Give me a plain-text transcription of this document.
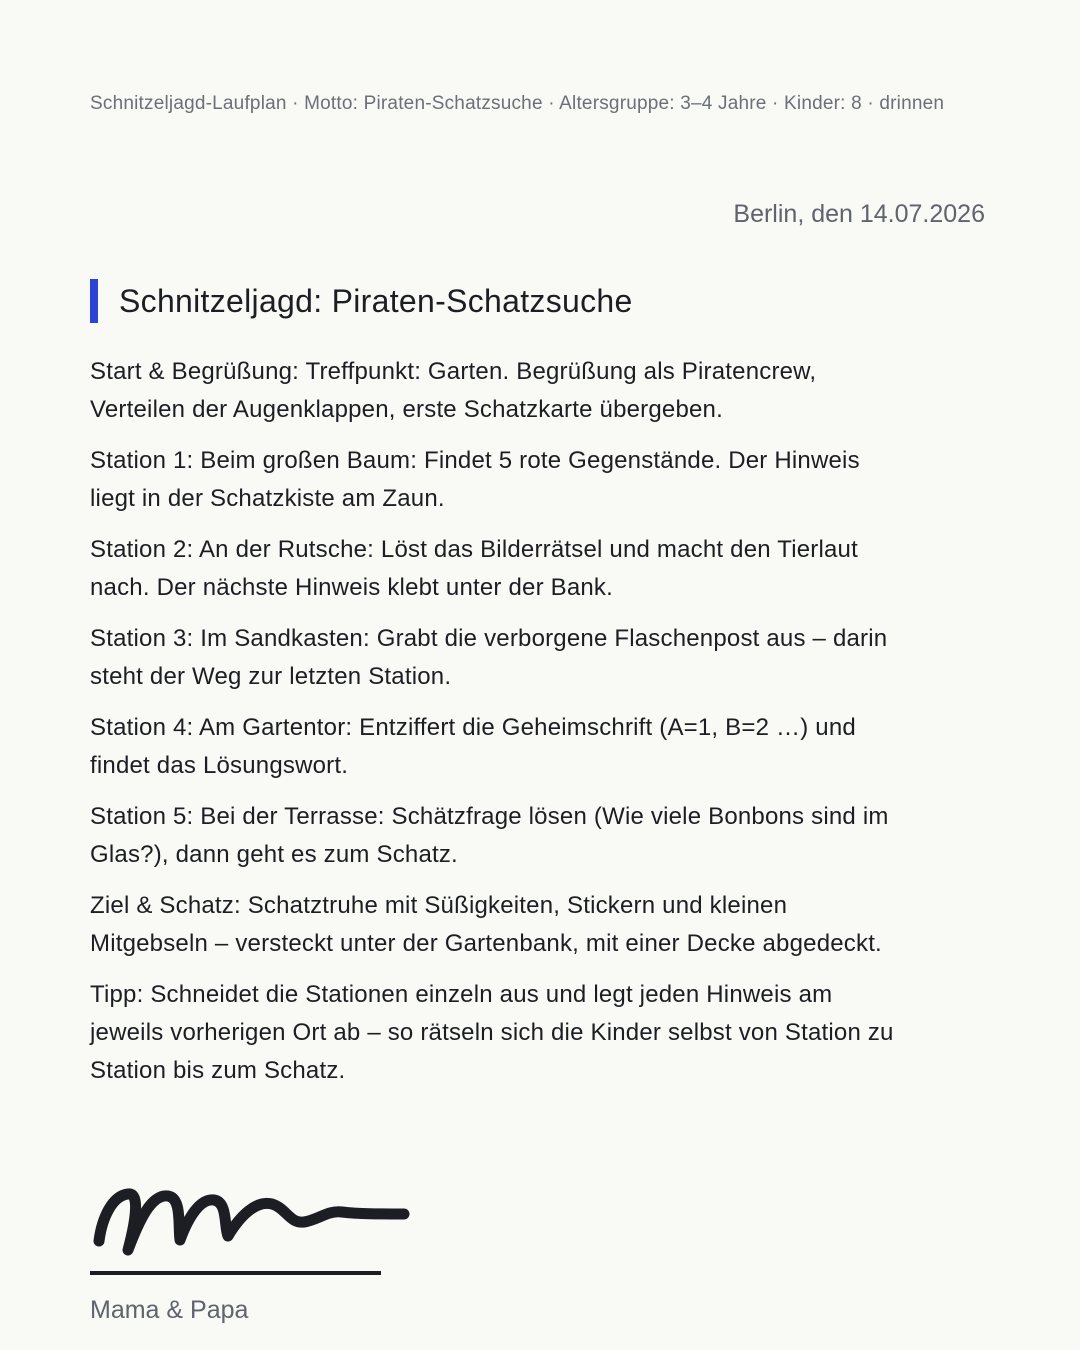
Schnitzeljagd-Laufplan · Motto: Piraten-Schatzsuche · Altersgruppe: 3–4 Jahre · Kinder: 8 · drinnen
Berlin, den 14.07.2026
Schnitzeljagd: Piraten-Schatzsuche

Start & Begrüßung: Treffpunkt: Garten. Begrüßung als Piratencrew, Verteilen der Augenklappen, erste Schatzkarte übergeben.

Station 1: Beim großen Baum: Findet 5 rote Gegenstände. Der Hinweis liegt in der Schatzkiste am Zaun.

Station 2: An der Rutsche: Löst das Bilderrätsel und macht den Tierlaut nach. Der nächste Hinweis klebt unter der Bank.

Station 3: Im Sandkasten: Grabt die verborgene Flaschenpost aus – darin steht der Weg zur letzten Station.

Station 4: Am Gartentor: Entziffert die Geheimschrift (A=1, B=2 …) und findet das Lösungswort.

Station 5: Bei der Terrasse: Schätzfrage lösen (Wie viele Bonbons sind im Glas?), dann geht es zum Schatz.

Ziel & Schatz: Schatztruhe mit Süßigkeiten, Stickern und kleinen Mitgebseln – versteckt unter der Gartenbank, mit einer Decke abgedeckt.

Tipp: Schneidet die Stationen einzeln aus und legt jeden Hinweis am jeweils vorherigen Ort ab – so rätseln sich die Kinder selbst von Station zu Station bis zum Schatz.

Mama & Papa
